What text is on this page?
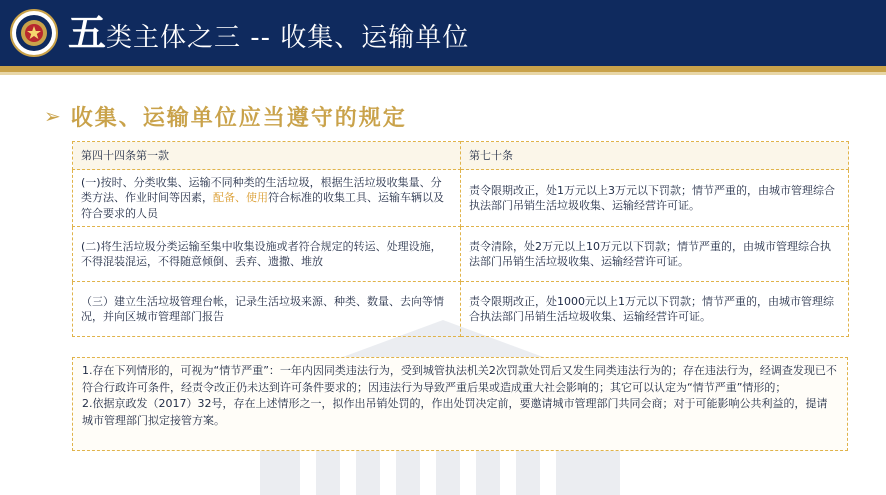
五 类主体之三 -- 收集、运输单位
➢ 收集、运输单位应当遵守的规定
第四十四条第一款	第七十条
(一)按时、分类收集、运输不同种类的生活垃圾，根据生活垃圾收集量、分类方法、作业时间等因素，配备、使用符合标准的收集工具、运输车辆以及符合要求的人员	责令限期改正，处1万元以上3万元以下罚款；情节严重的，由城市管理综合执法部门吊销生活垃圾收集、运输经营许可证。
(二)将生活垃圾分类运输至集中收集设施或者符合规定的转运、处理设施，不得混装混运，不得随意倾倒、丢弃、遗撒、堆放	责令清除，处2万元以上10万元以下罚款；情节严重的，由城市管理综合执法部门吊销生活垃圾收集、运输经营许可证。
（三）建立生活垃圾管理台帐，记录生活垃圾来源、种类、数量、去向等情况，并向区城市管理部门报告	责令限期改正，处1000元以上1万元以下罚款；情节严重的，由城市管理综合执法部门吊销生活垃圾收集、运输经营许可证。

1.存在下列情形的，可视为“情节严重”：一年内因同类违法行为，受到城管执法机关2次罚款处罚后又发生同类违法行为的；存在违法行为，经调查发现已不符合行政许可条件，经责令改正仍未达到许可条件要求的；因违法行为导致严重后果或造成重大社会影响的；其它可以认定为“情节严重”情形的；

2.依据京政发（2017）32号，存在上述情形之一，拟作出吊销处罚的，作出处罚决定前，要邀请城市管理部门共同会商；对于可能影响公共利益的，提请城市管理部门拟定接管方案。
